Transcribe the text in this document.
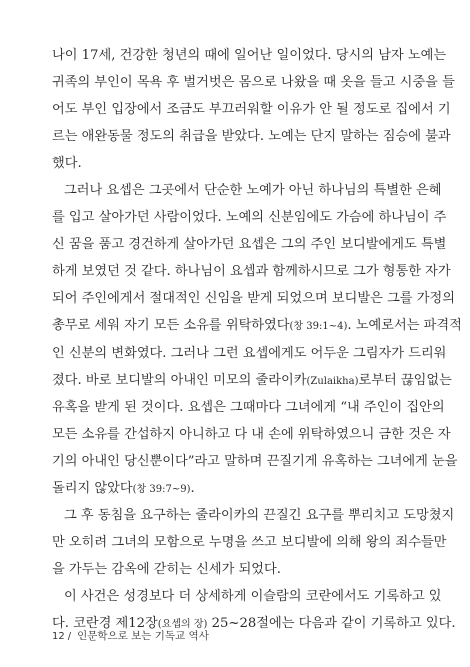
나이 17세, 건강한 청년의 때에 일어난 일이었다. 당시의 남자 노예는
귀족의 부인이 목욕 후 벌거벗은 몸으로 나왔을 때 옷을 들고 시중을 들
어도 부인 입장에서 조금도 부끄러워할 이유가 안 될 정도로 집에서 기
르는 애완동물 정도의 취급을 받았다. 노예는 단지 말하는 짐승에 불과
했다.
그러나 요셉은 그곳에서 단순한 노예가 아닌 하나님의 특별한 은혜
를 입고 살아가던 사람이었다. 노예의 신분임에도 가슴에 하나님이 주
신 꿈을 품고 경건하게 살아가던 요셉은 그의 주인 보디발에게도 특별
하게 보였던 것 같다. 하나님이 요셉과 함께하시므로 그가 형통한 자가
되어 주인에게서 절대적인 신임을 받게 되었으며 보디발은 그를 가정의
총무로 세워 자기 모든 소유를 위탁하였다(창 39:1~4). 노예로서는 파격적
인 신분의 변화였다. 그러나 그런 요셉에게도 어두운 그림자가 드리워
졌다. 바로 보디발의 아내인 미모의 줄라이카(Zulaikha)로부터 끊임없는
유혹을 받게 된 것이다. 요셉은 그때마다 그녀에게 “내 주인이 집안의
모든 소유를 간섭하지 아니하고 다 내 손에 위탁하였으니 금한 것은 자
기의 아내인 당신뿐이다”라고 말하며 끈질기게 유혹하는 그녀에게 눈을
돌리지 않았다(창 39:7~9).
그 후 동침을 요구하는 줄라이카의 끈질긴 요구를 뿌리치고 도망쳤지
만 오히려 그녀의 모함으로 누명을 쓰고 보디발에 의해 왕의 죄수들만
을 가두는 감옥에 갇히는 신세가 되었다.
이 사건은 성경보다 더 상세하게 이슬람의 코란에서도 기록하고 있
다. 코란경 제12장(요셉의 장) 25~28절에는 다음과 같이 기록하고 있다.
12 / 인문학으로 보는 기독교 역사
